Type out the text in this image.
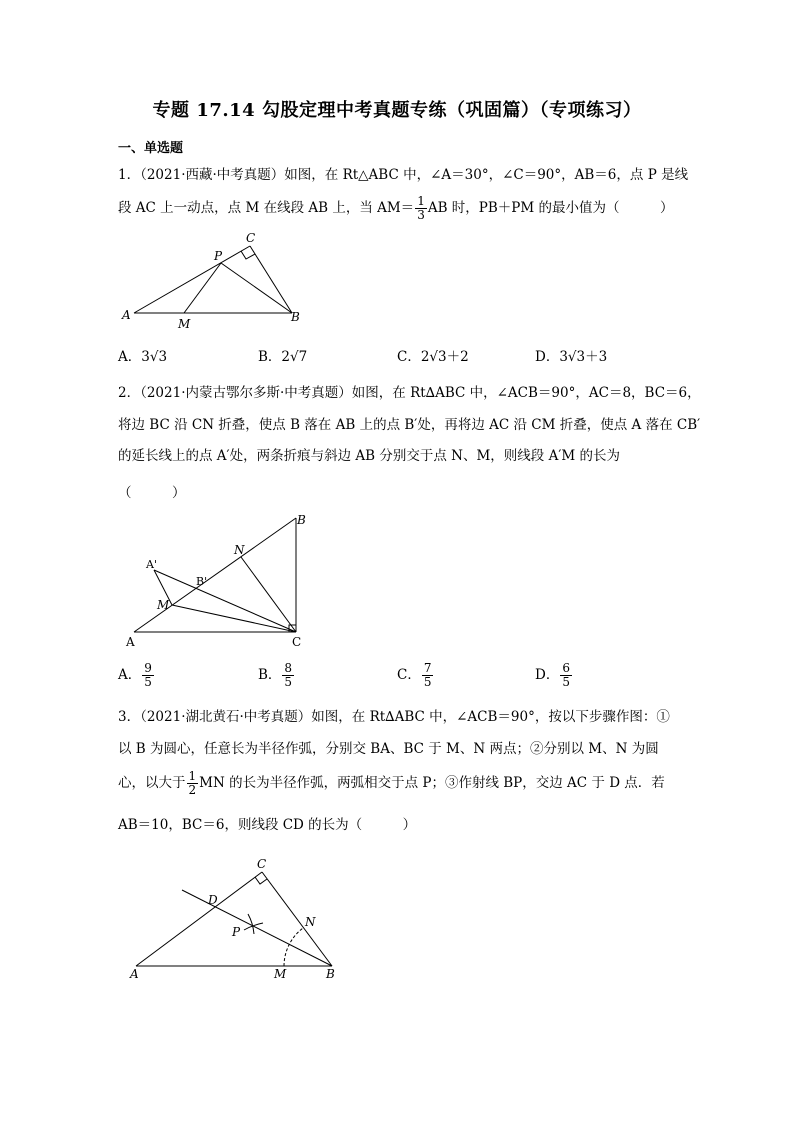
专题 17.14 勾股定理中考真题专练（巩固篇）（专项练习）
一、单选题
1．（2021·西藏·中考真题）如图，在 Rt△ABC 中，∠A＝30°，∠C＝90°，AB＝6，点 P 是线
段 AC 上一动点，点 M 在线段 AB 上，当 $AM= \frac{1}{3}$ AB 时，PB＋PM 的最小值为（　　　）
A
M
P
C
B
A．3√3	B．2√7	C．2√3＋2	D．3√3＋3
2．（2021·内蒙古鄂尔多斯·中考真题）如图，在 Rt∆ABC 中，∠ACB＝90°，AC＝8，BC＝6，
将边 BC 沿 CN 折叠，使点 B 落在 AB 上的点 B′处，再将边 AC 沿 CM 折叠，使点 A 落在 CB′
的延长线上的点 A′处，两条折痕与斜边 AB 分别交于点 N、M，则线段 A′M 的长为
（　　　）
A
M
A'
B'
N
B
C
A． $\frac{9}{5}$	B． $\frac{8}{5}$	C． $\frac{7}{5}$	D． $\frac{6}{5}$
3．（2021·湖北黄石·中考真题）如图，在 Rt∆ABC 中，∠ACB＝90°，按以下步骤作图：①
以 B 为圆心，任意长为半径作弧，分别交 BA、BC 于 M、N 两点；②分别以 M、N 为圆
心，以大于 $\frac{1}{2}$ MN 的长为半径作弧，两弧相交于点 P；③作射线 BP，交边 AC 于 D 点．若
AB＝10，BC＝6，则线段 CD 的长为（　　　）
A	M	B
N
C
D
P
